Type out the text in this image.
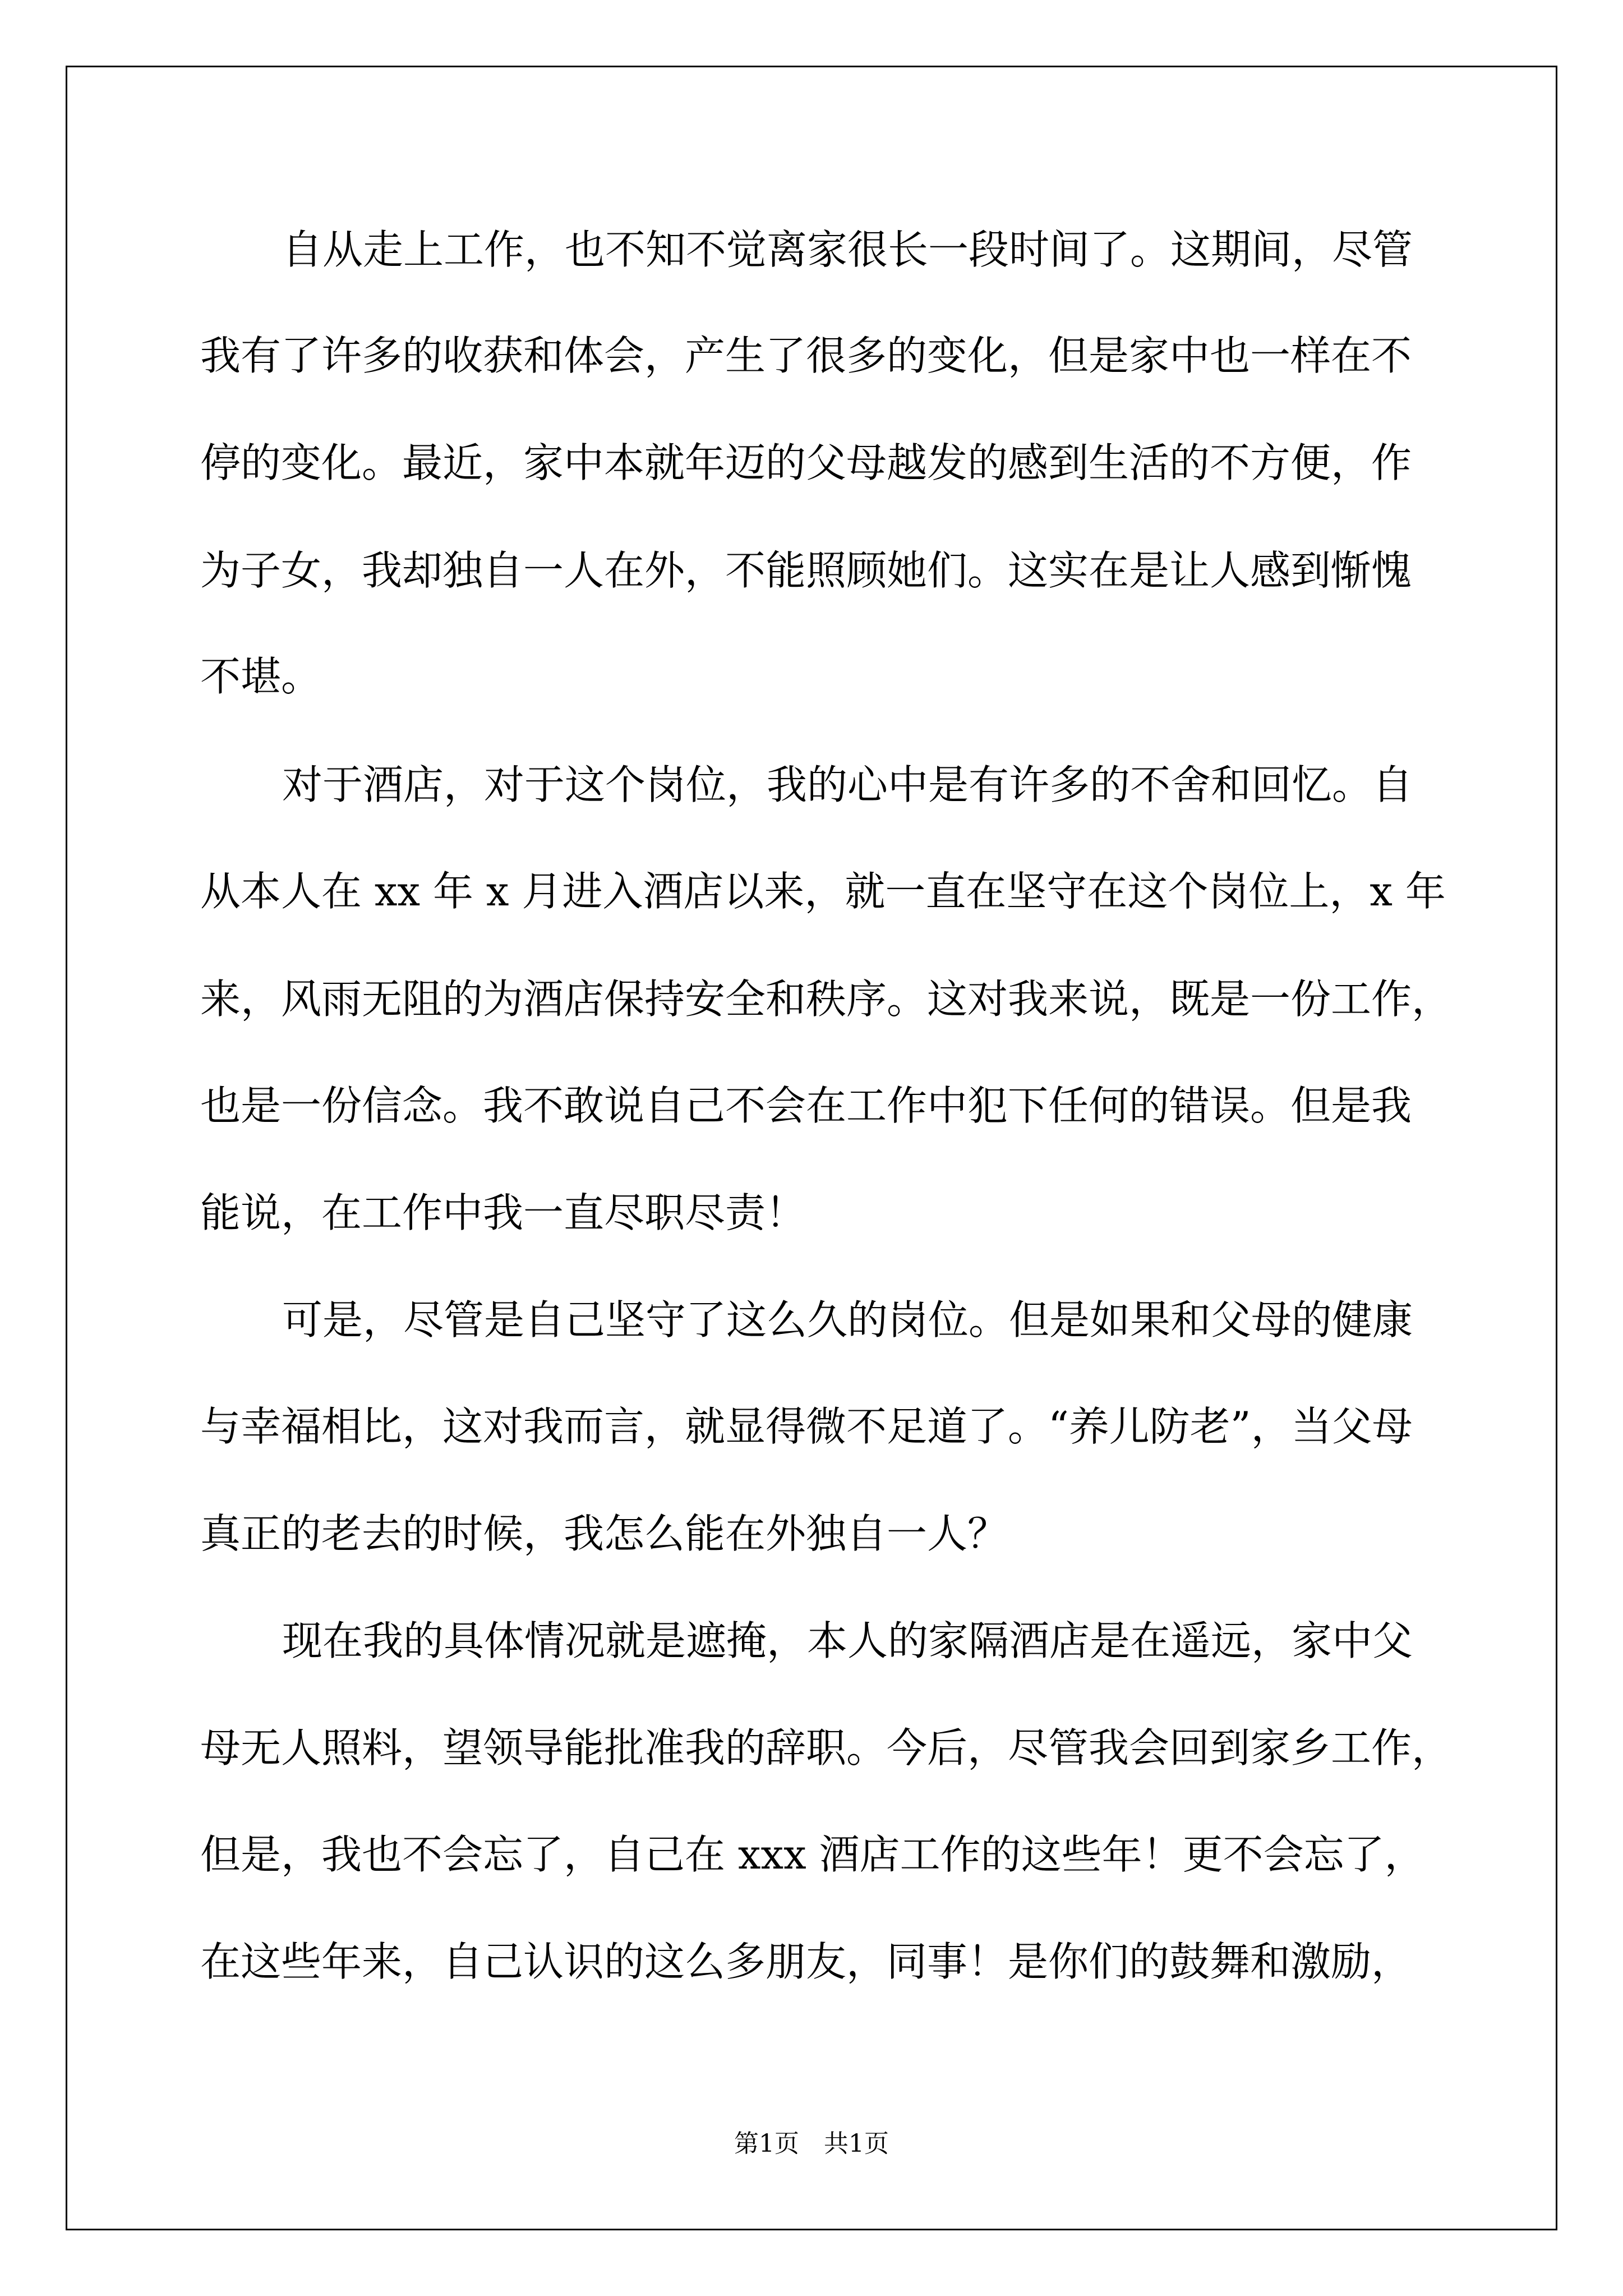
自从走上工作，也不知不觉离家很长一段时间了。这期间，尽管
我有了许多的收获和体会，产生了很多的变化，但是家中也一样在不
停的变化。最近，家中本就年迈的父母越发的感到生活的不方便，作
为子女，我却独自一人在外，不能照顾她们。这实在是让人感到惭愧
不堪。
对于酒店，对于这个岗位，我的心中是有许多的不舍和回忆。自
从本人在 xx 年 x 月进入酒店以来，就一直在坚守在这个岗位上，x 年
来，风雨无阻的为酒店保持安全和秩序。这对我来说，既是一份工作，
也是一份信念。我不敢说自己不会在工作中犯下任何的错误。但是我
能说，在工作中我一直尽职尽责！
可是，尽管是自己坚守了这么久的岗位。但是如果和父母的健康
与幸福相比，这对我而言，就显得微不足道了。“养儿防老”，当父母
真正的老去的时候，我怎么能在外独自一人？
现在我的具体情况就是遮掩，本人的家隔酒店是在遥远，家中父
母无人照料，望领导能批准我的辞职。今后，尽管我会回到家乡工作，
但是，我也不会忘了，自己在 xxx 酒店工作的这些年！更不会忘了，
在这些年来，自己认识的这么多朋友，同事！是你们的鼓舞和激励，
第1页　共1页
